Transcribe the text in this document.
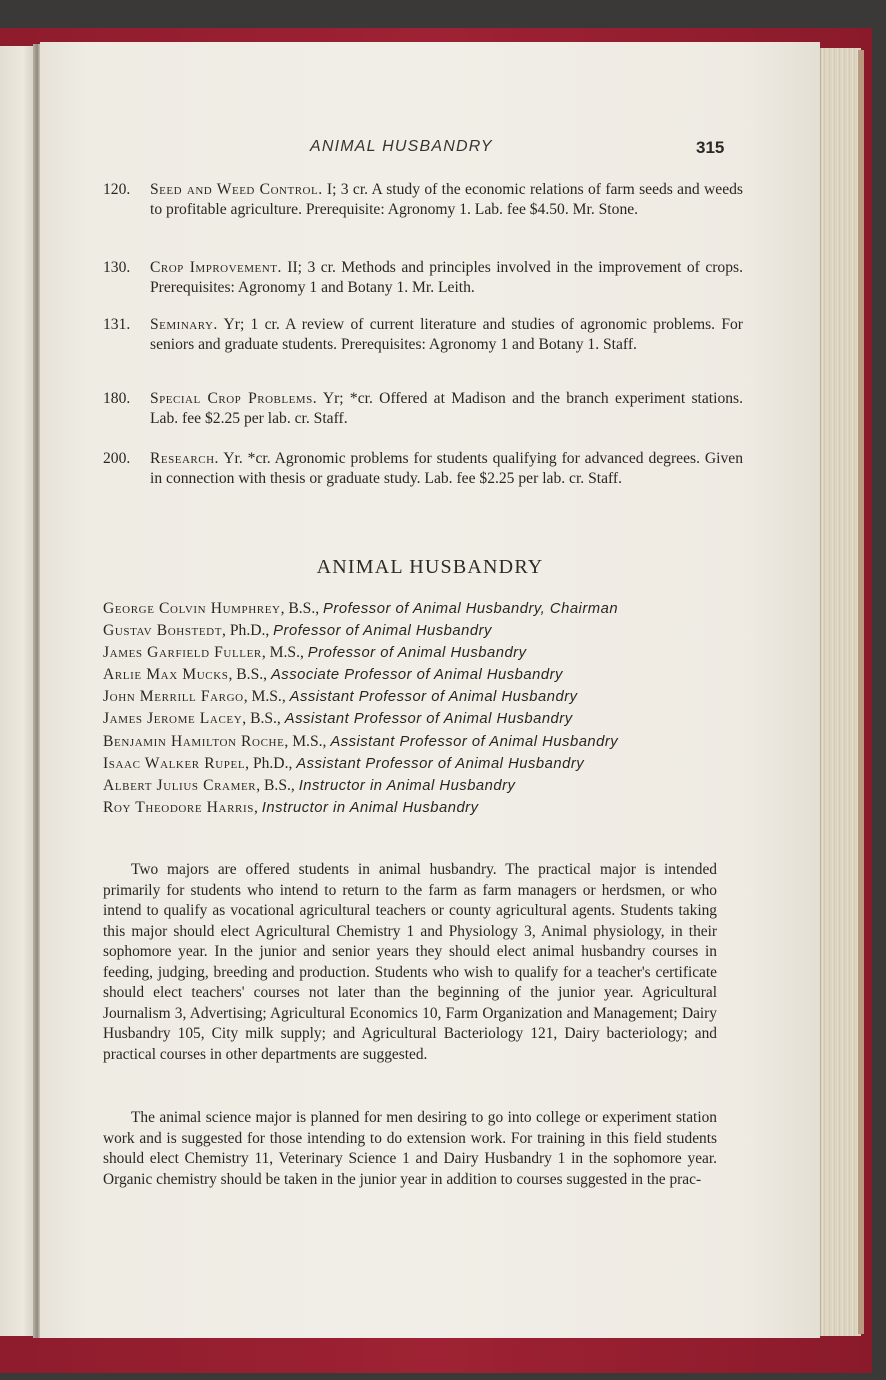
ANIMAL HUSBANDRY	315
120.	Seed and Weed Control. I; 3 cr. A study of the economic relations of farm seeds and weeds to profitable agriculture. Prerequisite: Agronomy 1. Lab. fee $4.50. Mr. Stone.
130.	Crop Improvement. II; 3 cr. Methods and principles involved in the improvement of crops. Prerequisites: Agronomy 1 and Botany 1. Mr. Leith.
131.	Seminary. Yr; 1 cr. A review of current literature and studies of agronomic problems. For seniors and graduate students. Prerequisites: Agronomy 1 and Botany 1. Staff.
180.	Special Crop Problems. Yr; *cr. Offered at Madison and the branch experiment stations. Lab. fee $2.25 per lab. cr. Staff.
200.	Research. Yr. *cr. Agronomic problems for students qualifying for advanced degrees. Given in connection with thesis or graduate study. Lab. fee $2.25 per lab. cr. Staff.
ANIMAL HUSBANDRY
George Colvin Humphrey, B.S., Professor of Animal Husbandry, Chairman
Gustav Bohstedt, Ph.D., Professor of Animal Husbandry
James Garfield Fuller, M.S., Professor of Animal Husbandry
Arlie Max Mucks, B.S., Associate Professor of Animal Husbandry
John Merrill Fargo, M.S., Assistant Professor of Animal Husbandry
James Jerome Lacey, B.S., Assistant Professor of Animal Husbandry
Benjamin Hamilton Roche, M.S., Assistant Professor of Animal Husbandry
Isaac Walker Rupel, Ph.D., Assistant Professor of Animal Husbandry
Albert Julius Cramer, B.S., Instructor in Animal Husbandry
Roy Theodore Harris, Instructor in Animal Husbandry

Two majors are offered students in animal husbandry. The practical major is intended primarily for students who intend to return to the farm as farm managers or herdsmen, or who intend to qualify as vocational agricultural teachers or county agricultural agents. Students taking this major should elect Agricultural Chemistry 1 and Physiology 3, Animal physiology, in their sophomore year. In the junior and senior years they should elect animal husbandry courses in feeding, judging, breeding and production. Students who wish to qualify for a teacher's certificate should elect teachers' courses not later than the beginning of the junior year. Agricultural Journalism 3, Advertising; Agricultural Economics 10, Farm Organization and Management; Dairy Husbandry 105, City milk supply; and Agricultural Bacteriology 121, Dairy bacteriology; and practical courses in other departments are suggested.

The animal science major is planned for men desiring to go into college or experiment station work and is suggested for those intending to do extension work. For training in this field students should elect Chemistry 11, Veterinary Science 1 and Dairy Husbandry 1 in the sophomore year. Organic chemistry should be taken in the junior year in addition to courses suggested in the prac-
